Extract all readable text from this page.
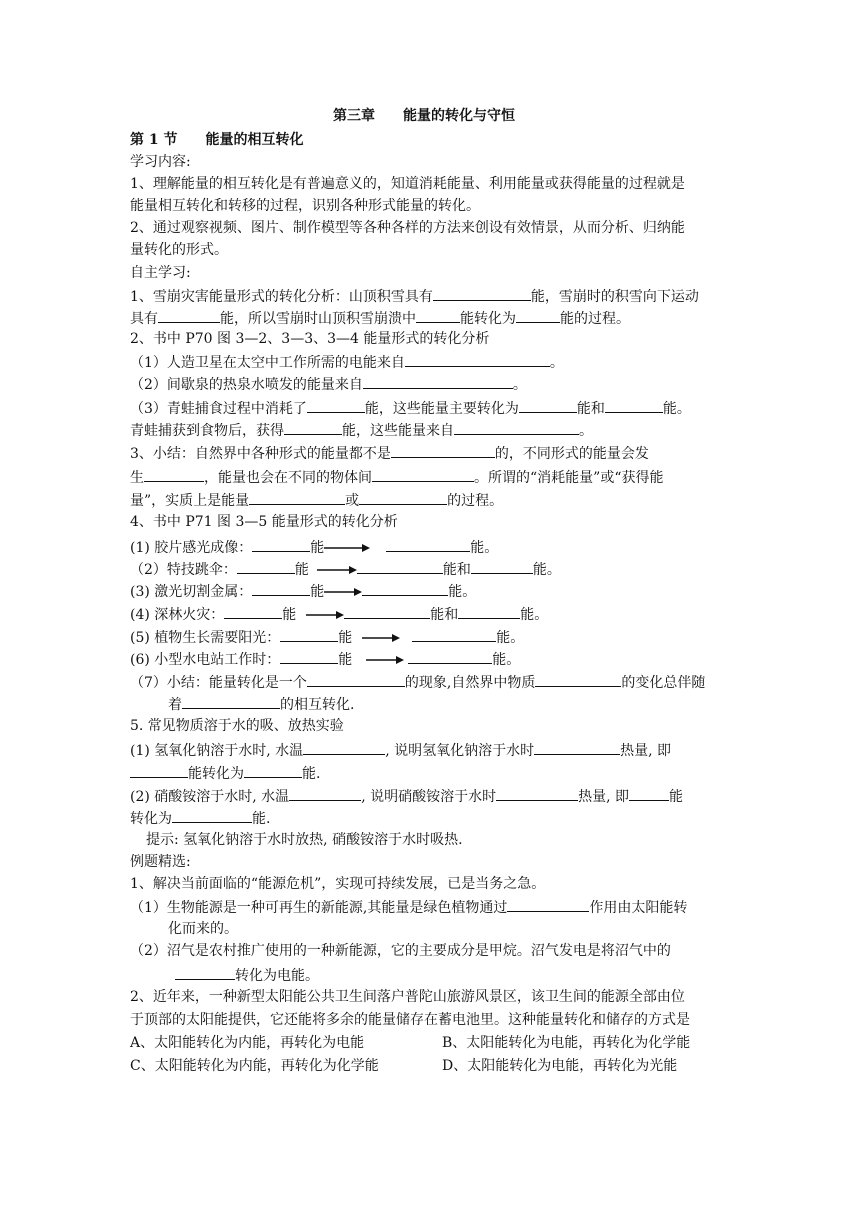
第三章　　能量的转化与守恒
第 1 节　　能量的相互转化
学习内容:
1、理解能量的相互转化是有普遍意义的，知道消耗能量、利用能量或获得能量的过程就是
能量相互转化和转移的过程，识别各种形式能量的转化。
2、通过观察视频、图片、制作模型等各种各样的方法来创设有效情景，从而分析、归纳能
量转化的形式。
自主学习:
1、雪崩灾害能量形式的转化分析：山顶积雪具有	能，雪崩时的积雪向下运动
具有	能，所以雪崩时山顶积雪崩溃中	能转化为	能的过程。
2、书中 P70 图 3—2、3—3、3—4 能量形式的转化分析
（1）人造卫星在太空中工作所需的电能来自	。
（2）间歇泉的热泉水喷发的能量来自	。
（3）青蛙捕食过程中消耗了	能，这些能量主要转化为	能和	能。
青蛙捕获到食物后，获得	能，这些能量来自	。
3、小结：自然界中各种形式的能量都不是	的，不同形式的能量会发
生	，能量也会在不同的物体间	。所谓的“消耗能量”或“获得能
量”，实质上是能量	或	的过程。
4、书中 P71 图 3—5 能量形式的转化分析
(1) 胶片感光成像：	能	能。
（2）特技跳伞：	能	能和	能。
(3) 激光切割金属：	能	能。
(4) 深林火灾：	能	能和	能。
(5) 植物生长需要阳光：	能	能。
(6) 小型水电站工作时：	能	能。
（7）小结：能量转化是一个	的现象,自然界中物质	的变化总伴随
着	的相互转化.
5. 常见物质溶于水的吸、放热实验
(1) 氢氧化钠溶于水时, 水温	, 说明氢氧化钠溶于水时	热量, 即
能转化为	能.
(2) 硝酸铵溶于水时, 水温	, 说明硝酸铵溶于水时	热量, 即	能
转化为	能.
提示: 氢氧化钠溶于水时放热, 硝酸铵溶于水时吸热.
例题精选:
1、解决当前面临的“能源危机”，实现可持续发展，已是当务之急。
（1）生物能源是一种可再生的新能源,其能量是绿色植物通过	作用由太阳能转
化而来的。
（2）沼气是农村推广使用的一种新能源，它的主要成分是甲烷。沼气发电是将沼气中的
转化为电能。
2、近年来，一种新型太阳能公共卫生间落户普陀山旅游风景区，该卫生间的能源全部由位
于顶部的太阳能提供，它还能将多余的能量储存在蓄电池里。这种能量转化和储存的方式是
A、太阳能转化为内能，再转化为电能	B、太阳能转化为电能，再转化为化学能
C、太阳能转化为内能，再转化为化学能	D、太阳能转化为电能，再转化为光能
